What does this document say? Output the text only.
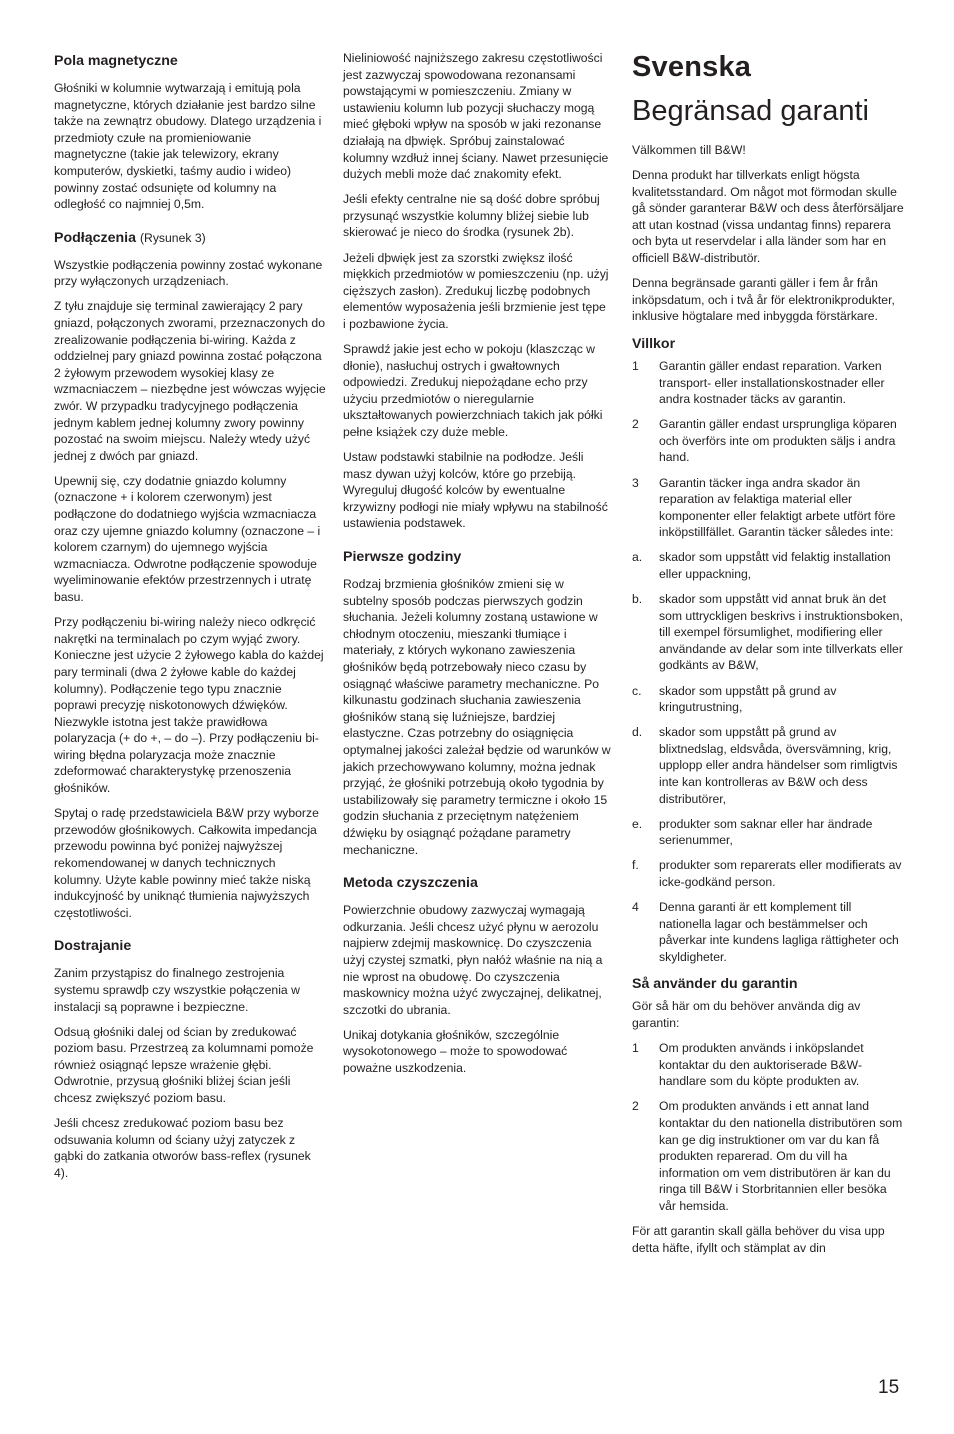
Pola magnetyczne

Głośniki w kolumnie wytwarzają i emitują pola magnetyczne, których działanie jest bardzo silne także na zewnątrz obudowy. Dlatego urządzenia i przedmioty czułe na promieniowanie magnetyczne (takie jak telewizory, ekrany komputerów, dyskietki, taśmy audio i wideo) powinny zostać odsunięte od kolumny na odległość co najmniej 0,5m.

Podłączenia (Rysunek 3)

Wszystkie podłączenia powinny zostać wykonane przy wyłączonych urządzeniach.

Z tyłu znajduje się terminal zawierający 2 pary gniazd, połączonych zworami, przeznaczonych do zrealizowanie podłączenia bi-wiring. Każda z oddzielnej pary gniazd powinna zostać połączona 2 żyłowym przewodem wysokiej klasy ze wzmacniaczem – niezbędne jest wówczas wyjęcie zwór. W przypadku tradycyjnego podłączenia jednym kablem jednej kolumny zwory powinny pozostać na swoim miejscu. Należy wtedy użyć jednej z dwóch par gniazd.

Upewnij się, czy dodatnie gniazdo kolumny (oznaczone + i kolorem czerwonym) jest podłączone do dodatniego wyjścia wzmacniacza oraz czy ujemne gniazdo kolumny (oznaczone – i kolorem czarnym) do ujemnego wyjścia wzmacniacza. Odwrotne podłączenie spowoduje wyeliminowanie efektów przestrzennych i utratę basu.

Przy podłączeniu bi-wiring należy nieco odkręcić nakrętki na terminalach po czym wyjąć zwory. Konieczne jest użycie 2 żyłowego kabla do każdej pary terminali (dwa 2 żyłowe kable do każdej kolumny). Podłączenie tego typu znacznie poprawi precyzję niskotonowych dźwięków. Niezwykle istotna jest także prawidłowa polaryzacja (+ do +, – do –). Przy podłączeniu bi-wiring błędna polaryzacja może znacznie zdeformować charakterystykę przenoszenia głośników.

Spytaj o radę przedstawiciela B&W przy wyborze przewodów głośnikowych. Całkowita impedancja przewodu powinna być poniżej najwyższej rekomendowanej w danych technicznych kolumny. Użyte kable powinny mieć także niską indukcyjność by uniknąć tłumienia najwyższych częstotliwości.

Dostrajanie

Zanim przystąpisz do finalnego zestrojenia systemu sprawdþ czy wszystkie połączenia w instalacji są poprawne i bezpieczne.

Odsuą głośniki dalej od ścian by zredukować poziom basu. Przestrzeą za kolumnami pomoże również osiągnąć lepsze wrażenie głębi. Odwrotnie, przysuą głośniki bliżej ścian jeśli chcesz zwiększyć poziom basu.

Jeśli chcesz zredukować poziom basu bez odsuwania kolumn od ściany użyj zatyczek z gąbki do zatkania otworów bass-reflex (rysunek 4).

Nieliniowość najniższego zakresu częstotliwości jest zazwyczaj spowodowana rezonansami powstającymi w pomieszczeniu. Zmiany w ustawieniu kolumn lub pozycji słuchaczy mogą mieć głęboki wpływ na sposób w jaki rezonanse działają na dþwięk. Spróbuj zainstalować kolumny wzdłuż innej ściany. Nawet przesunięcie dużych mebli może dać znakomity efekt.

Jeśli efekty centralne nie są dość dobre spróbuj przysunąć wszystkie kolumny bliżej siebie lub skierować je nieco do środka (rysunek 2b).

Jeżeli dþwięk jest za szorstki zwiększ ilość miękkich przedmiotów w pomieszczeniu (np. użyj cięższych zasłon). Zredukuj liczbę podobnych elementów wyposażenia jeśli brzmienie jest tępe i pozbawione życia.

Sprawdź jakie jest echo w pokoju (klaszcząc w dłonie), nasłuchuj ostrych i gwałtownych odpowiedzi. Zredukuj niepożądane echo przy użyciu przedmiotów o nieregularnie ukształtowanych powierzchniach takich jak półki pełne książek czy duże meble.

Ustaw podstawki stabilnie na podłodze. Jeśli masz dywan użyj kolców, które go przebiją. Wyreguluj długość kolców by ewentualne krzywizny podłogi nie miały wpływu na stabilność ustawienia podstawek.

Pierwsze godziny

Rodzaj brzmienia głośników zmieni się w subtelny sposób podczas pierwszych godzin słuchania. Jeżeli kolumny zostaną ustawione w chłodnym otoczeniu, mieszanki tłumiące i materiały, z których wykonano zawieszenia głośników będą potrzebowały nieco czasu by osiągnąć właściwe parametry mechaniczne. Po kilkunastu godzinach słuchania zawieszenia głośników staną się luźniejsze, bardziej elastyczne. Czas potrzebny do osiągnięcia optymalnej jakości zależał będzie od warunków w jakich przechowywano kolumny, można jednak przyjąć, że głośniki potrzebują około tygodnia by ustabilizowały się parametry termiczne i około 15 godzin słuchania z przeciętnym natężeniem dźwięku by osiągnąć pożądane parametry mechaniczne.

Metoda czyszczenia

Powierzchnie obudowy zazwyczaj wymagają odkurzania. Jeśli chcesz użyć płynu w aerozolu najpierw zdejmij maskownicę. Do czyszczenia użyj czystej szmatki, płyn nałóż właśnie na nią a nie wprost na obudowę. Do czyszczenia maskownicy można użyć zwyczajnej, delikatnej, szczotki do ubrania.

Unikaj dotykania głośników, szczególnie wysokotonowego – może to spowodować poważne uszkodzenia.

Svenska
Begränsad garanti

Välkommen till B&W!

Denna produkt har tillverkats enligt högsta kvalitetsstandard. Om något mot förmodan skulle gå sönder garanterar B&W och dess återförsäljare att utan kostnad (vissa undantag finns) reparera och byta ut reservdelar i alla länder som har en officiell B&W-distributör.

Denna begränsade garanti gäller i fem år från inköpsdatum, och i två år för elektronikprodukter, inklusive högtalare med inbyggda förstärkare.

Villkor
1	Garantin gäller endast reparation. Varken transport- eller installationskostnader eller andra kostnader täcks av garantin.
2	Garantin gäller endast ursprungliga köparen och överförs inte om produkten säljs i andra hand.
3	Garantin täcker inga andra skador än reparation av felaktiga material eller komponenter eller felaktigt arbete utfört före inköpstillfället. Garantin täcker således inte:
a.	skador som uppstått vid felaktig installation eller uppackning,
b.	skador som uppstått vid annat bruk än det som uttryckligen beskrivs i instruktionsboken, till exempel försumlighet, modifiering eller användande av delar som inte tillverkats eller godkänts av B&W,
c.	skador som uppstått på grund av kringutrustning,
d.	skador som uppstått på grund av blixtnedslag, eldsvåda, översvämning, krig, upplopp eller andra händelser som rimligtvis inte kan kontrolleras av B&W och dess distributörer,
e.	produkter som saknar eller har ändrade serienummer,
f.	produkter som reparerats eller modifierats av icke-godkänd person.
4	Denna garanti är ett komplement till nationella lagar och bestämmelser och påverkar inte kundens lagliga rättigheter och skyldigheter.
Så använder du garantin

Gör så här om du behöver använda dig av garantin:

1	Om produkten används i inköpslandet kontaktar du den auktoriserade B&W-handlare som du köpte produkten av.
2	Om produkten används i ett annat land kontaktar du den nationella distributören som kan ge dig instruktioner om var du kan få produkten reparerad. Om du vill ha information om vem distributören är kan du ringa till B&W i Storbritannien eller besöka vår hemsida.

För att garantin skall gälla behöver du visa upp detta häfte, ifyllt och stämplat av din

15
